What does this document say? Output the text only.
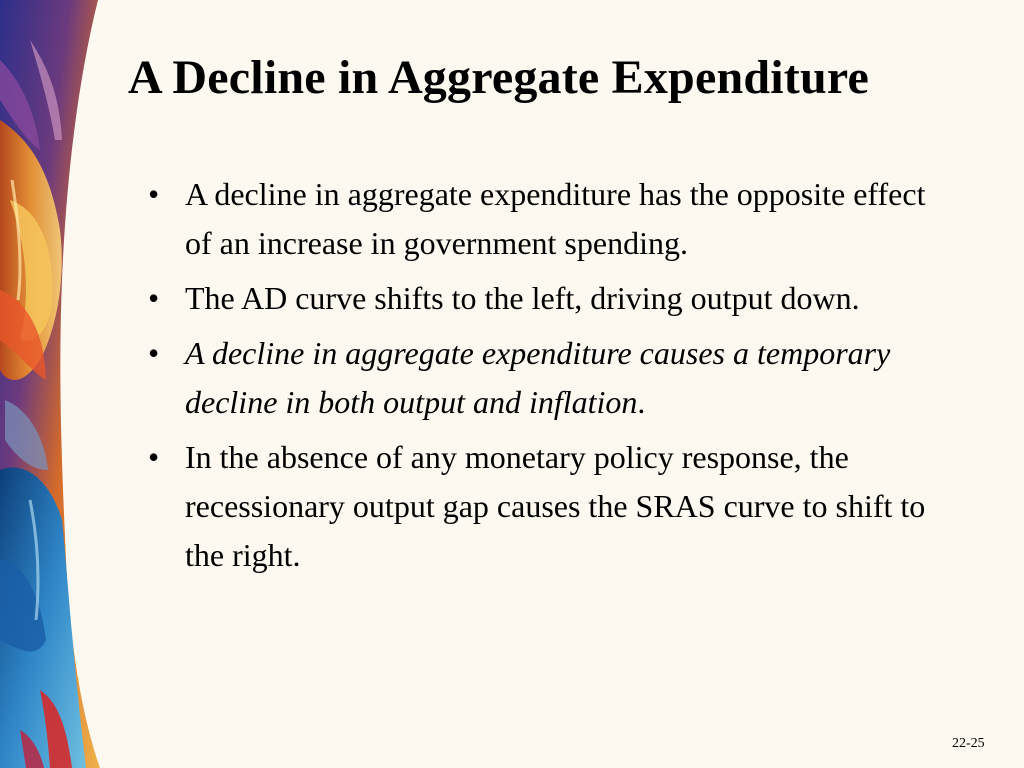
A Decline in Aggregate Expenditure
• A decline in aggregate expenditure has the opposite effect of an increase in government spending.
• The AD curve shifts to the left, driving output down.
• A decline in aggregate expenditure causes a temporary decline in both output and inflation.
• In the absence of any monetary policy response, the recessionary output gap causes the SRAS curve to shift to the right.
22-25
